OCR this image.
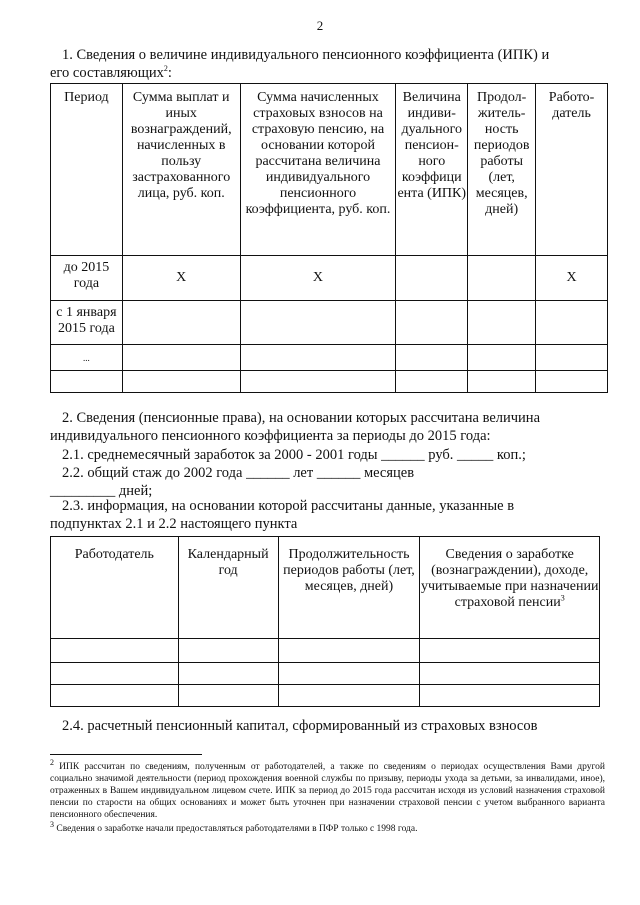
2
1. Сведения о величине индивидуального пенсионного коэффициента (ИПК) и
его составляющих$^2$:
Период	Сумма выплат и иных вознаграждений, начисленных в пользу застрахованного лица, руб. коп.	Сумма начисленных страховых взносов на страховую пенсию, на основании которой рассчитана величина индивидуального пенсионного коэффициента, руб. коп.	Величина индиви-дуального пенсион-ного коэффици ента (ИПК)	Продол-житель-ность периодов работы (лет, месяцев, дней)	Работо-датель
до 2015 года	Х	Х			Х
с 1 января 2015 года					
...					

2. Сведения (пенсионные права), на основании которых рассчитана величина
индивидуального пенсионного коэффициента за периоды до 2015 года:
2.1. среднемесячный заработок за 2000 - 2001 годы ______ руб. _____ коп.;
2.2. общий стаж до 2002 года ______ лет ______ месяцев
_________ дней;
2.3. информация, на основании которой рассчитаны данные, указанные в
подпунктах 2.1 и 2.2 настоящего пункта
Работодатель	Календарный год	Продолжительность периодов работы (лет, месяцев, дней)	Сведения о заработке (вознаграждении), доходе, учитываемые при назначении страховой пенсии$^3$

2.4. расчетный пенсионный капитал, сформированный из страховых взносов
$^2$ ИПК рассчитан по сведениям, полученным от работодателей, а также по сведениям о периодах осуществления Вами другой социально значимой деятельности (период прохождения военной службы по призыву, периоды ухода за детьми, за инвалидами, иное), отраженных в Вашем индивидуальном лицевом счете. ИПК за период до 2015 года рассчитан исходя из условий назначения страховой пенсии по старости на общих основаниях и может быть уточнен при назначении страховой пенсии с учетом выбранного варианта пенсионного обеспечения.
$^3$ Сведения о заработке начали предоставляться работодателями в ПФР только с 1998 года.
